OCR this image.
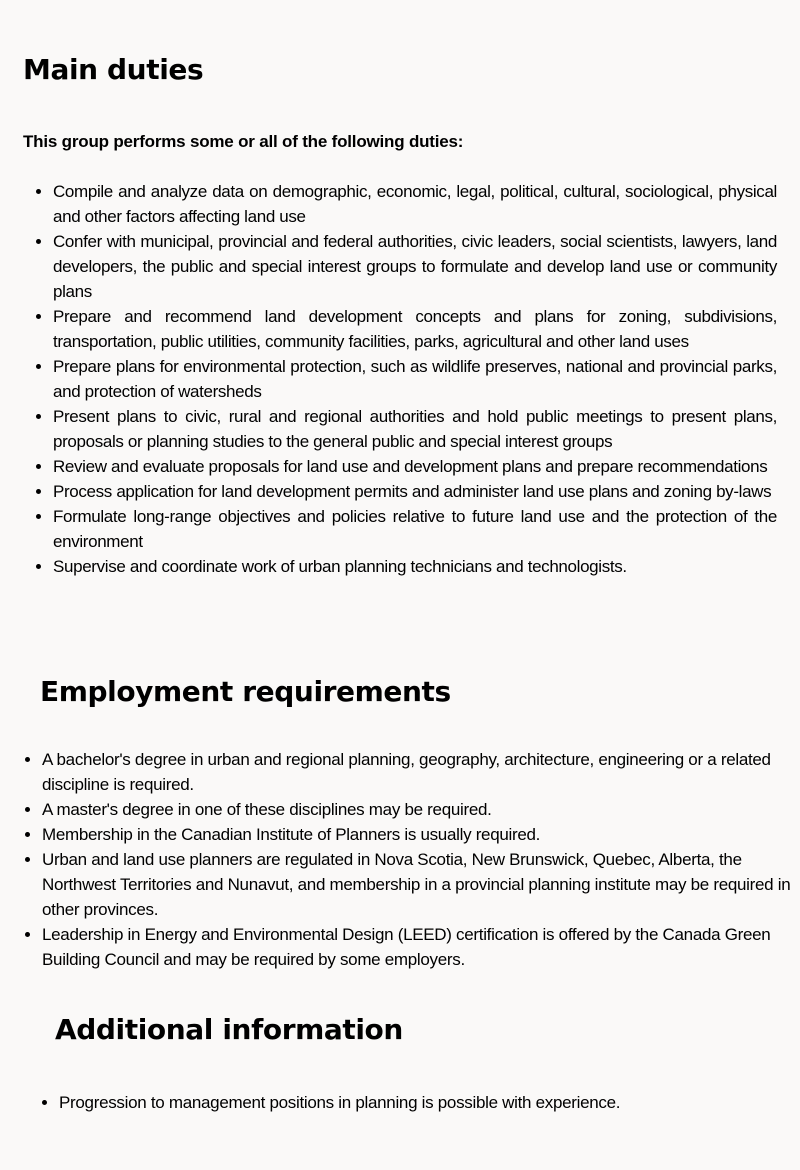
Main duties

This group performs some or all of the following duties:

• Compile and analyze data on demographic, economic, legal, political, cultural, sociological, physical and other factors affecting land use
• Confer with municipal, provincial and federal authorities, civic leaders, social scientists, lawyers, land developers, the public and special interest groups to formulate and develop land use or community plans
• Prepare and recommend land development concepts and plans for zoning, subdivisions, transportation, public utilities, community facilities, parks, agricultural and other land uses
• Prepare plans for environmental protection, such as wildlife preserves, national and provincial parks, and protection of watersheds
• Present plans to civic, rural and regional authorities and hold public meetings to present plans, proposals or planning studies to the general public and special interest groups
• Review and evaluate proposals for land use and development plans and prepare recommendations
• Process application for land development permits and administer land use plans and zoning by-laws
• Formulate long-range objectives and policies relative to future land use and the protection of the environment
• Supervise and coordinate work of urban planning technicians and technologists.
Employment requirements
• A bachelor's degree in urban and regional planning, geography, architecture, engineering or a related discipline is required.
• A master's degree in one of these disciplines may be required.
• Membership in the Canadian Institute of Planners is usually required.
• Urban and land use planners are regulated in Nova Scotia, New Brunswick, Quebec, Alberta, the Northwest Territories and Nunavut, and membership in a provincial planning institute may be required in other provinces.
• Leadership in Energy and Environmental Design (LEED) certification is offered by the Canada Green Building Council and may be required by some employers.
Additional information
• Progression to management positions in planning is possible with experience.
